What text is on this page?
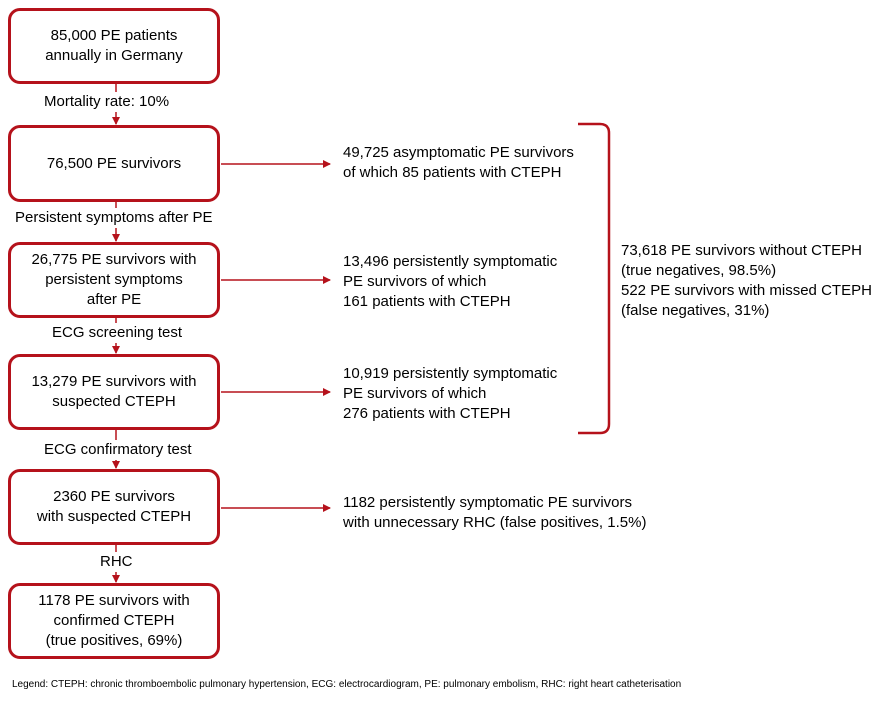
85,000 PE patients
annually in Germany
76,500 PE survivors
26,775 PE survivors with
persistent symptoms
after PE
13,279 PE survivors with
suspected CTEPH
2360 PE survivors
with suspected CTEPH
1178 PE survivors with
confirmed CTEPH
(true positives, 69%)
Mortality rate: 10%
Persistent symptoms after PE
ECG screening test
ECG confirmatory test
RHC
49,725 asymptomatic PE survivors
of which 85 patients with CTEPH
13,496 persistently symptomatic
PE survivors of which
161 patients with CTEPH
10,919 persistently symptomatic
PE survivors of which
276 patients with CTEPH
1182 persistently symptomatic PE survivors
with unnecessary RHC (false positives, 1.5%)
73,618 PE survivors without CTEPH
(true negatives, 98.5%)
522 PE survivors with missed CTEPH
(false negatives, 31%)
Legend: CTEPH: chronic thromboembolic pulmonary hypertension, ECG: electrocardiogram, PE: pulmonary embolism, RHC: right heart catheterisation
